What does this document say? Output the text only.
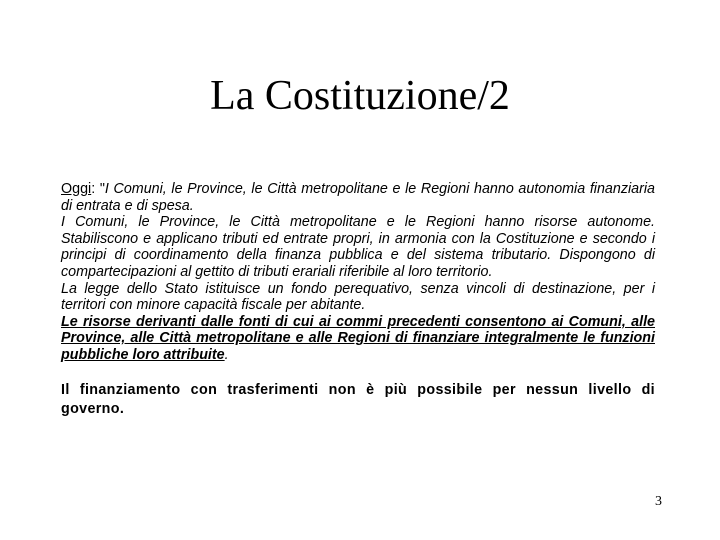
La Costituzione/2

Oggi: "I Comuni, le Province, le Città metropolitane e le Regioni hanno autonomia finanziaria di entrata e di spesa.

I Comuni, le Province, le Città metropolitane e le Regioni hanno risorse autonome. Stabiliscono e applicano tributi ed entrate propri, in armonia con la Costituzione e secondo i principi di coordinamento della finanza pubblica e del sistema tributario. Dispongono di compartecipazioni al gettito di tributi erariali riferibile al loro territorio.

La legge dello Stato istituisce un fondo perequativo, senza vincoli di destinazione, per i territori con minore capacità fiscale per abitante.

Le risorse derivanti dalle fonti di cui ai commi precedenti consentono ai Comuni, alle Province, alle Città metropolitane e alle Regioni di finanziare integralmente le funzioni pubbliche loro attribuite.

Il finanziamento con trasferimenti non è più possibile per nessun livello di governo.

3
